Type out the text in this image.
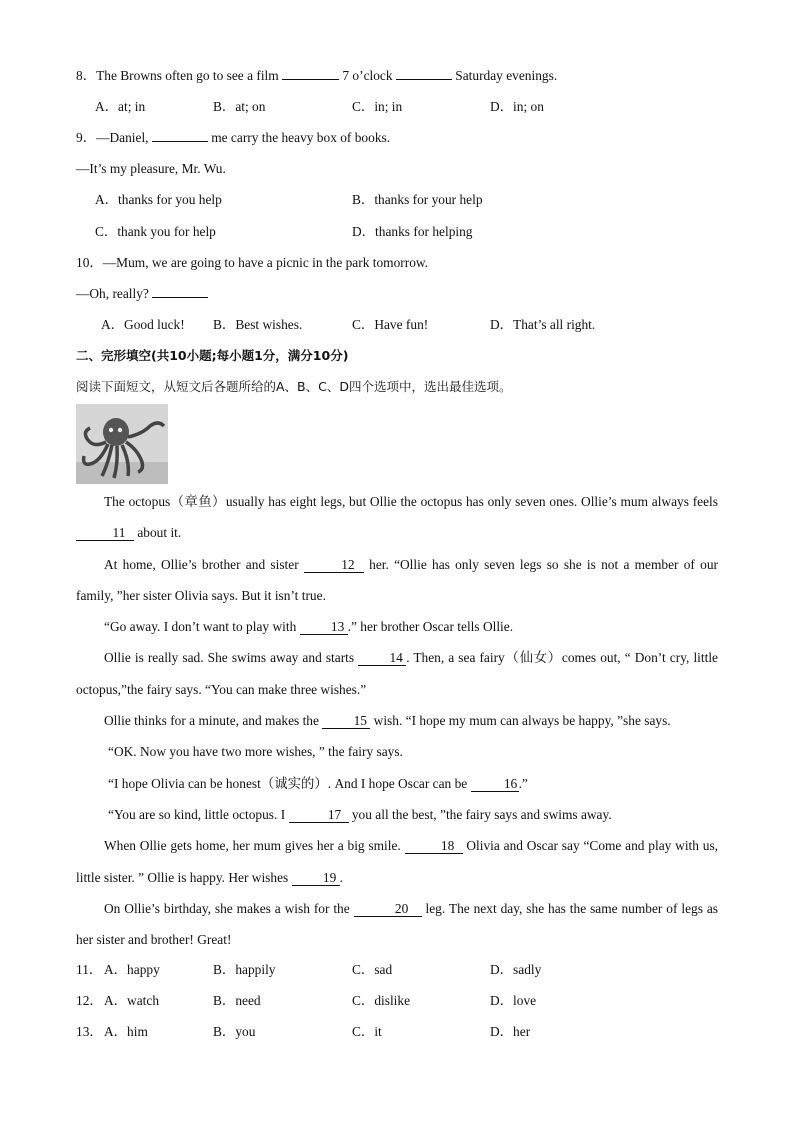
8．The Browns often go to see a film	7 o’clock	Saturday evenings.
A．at; in	B．at; on	C．in; in	D．in; on
9．—Daniel,	me carry the heavy box of books.
—It’s my pleasure, Mr. Wu.
A．thanks for you help	B．thanks for your help
C．thank you for help	D．thanks for helping
10．—Mum, we are going to have a picnic in the park tomorrow.
—Oh, really?
A．Good luck! B．Best wishes.	C．Have fun!	D．That’s all right.
二、完形填空(共10小题;每小题1分，满分10分)
阅读下面短文，从短文后各题所给的A、B、C、D四个选项中，选出最佳选项。

The octopus（章鱼）usually has eight legs, but Ollie the octopus has only seven ones. Ollie’s mum always feels 11 about it.

At home, Ollie’s brother and sister	12 her. “Ollie has only seven legs so she is not a member of our family, ”her sister Olivia says. But it isn’t true.

“Go away. I don’t want to play with 13 .” her brother Oscar tells Ollie.

Ollie is really sad. She swims away and starts 14 . Then, a sea fairy（仙女）comes out, “ Don’t cry, little octopus,”the fairy says. “You can make three wishes.”

Ollie thinks for a minute, and makes the 15 wish. “I hope my mum can always be happy, ”she says.

“OK. Now you have two more wishes, ” the fairy says.

“I hope Olivia can be honest（诚实的）. And I hope Oscar can be 16.”

“You are so kind, little octopus. I	17 you all the best, ”the fairy says and swims away.

When Ollie gets home, her mum gives her a big smile.	18 Olivia and Oscar say “Come and play with us, little sister. ” Ollie is happy. Her wishes 19 .

On Ollie’s birthday, she makes a wish for the	20 leg. The next day, she has the same number of legs as her sister and brother! Great!

11． A．happy	B．happily	C．sad	D．sadly
12． A．watch	B．need	C．dislike	D．love
13． A．him	B．you	C．it	D．her
